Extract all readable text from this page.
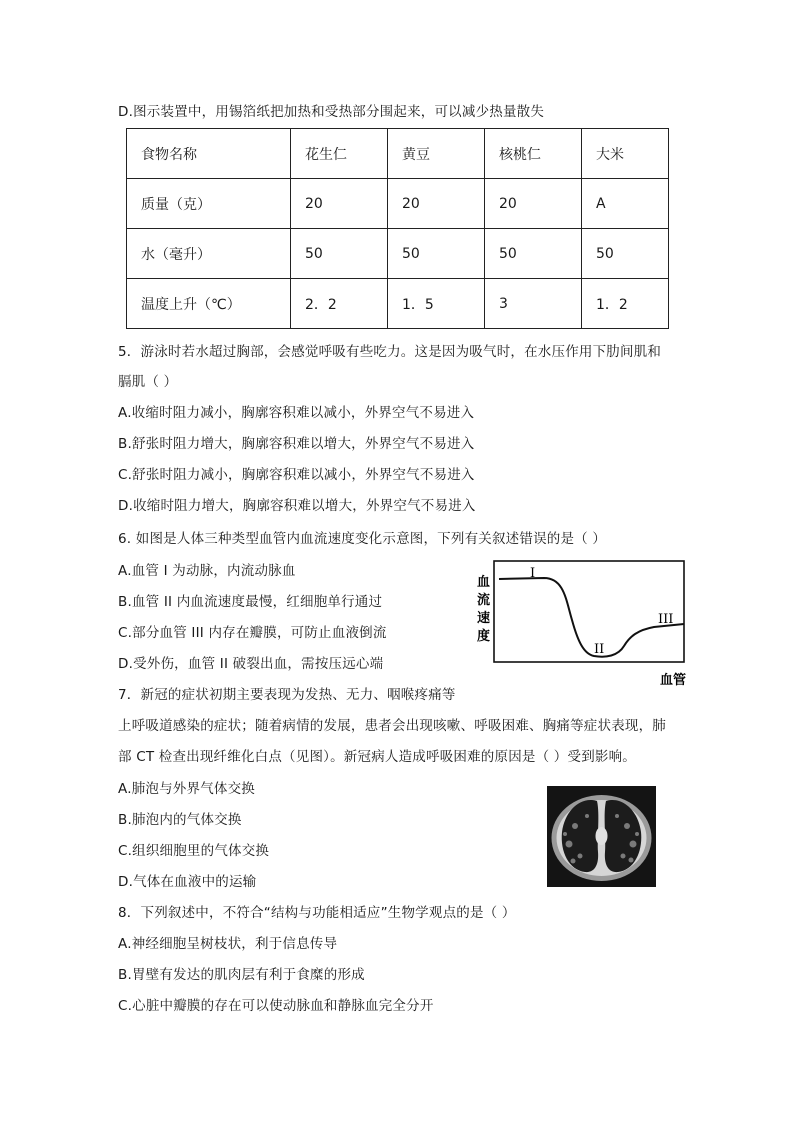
D.图示装置中，用锡箔纸把加热和受热部分围起来，可以减少热量散失
食物名称	花生仁	黄豆	核桃仁	大米
质量（克）	20	20	20	A
水（毫升）	50	50	50	50
温度上升（℃）	2．2	1．5	3	1．2
5．游泳时若水超过胸部，会感觉呼吸有些吃力。这是因为吸气时，在水压作用下肋间肌和
膈肌（ ）
A.收缩时阻力减小，胸廓容积难以减小，外界空气不易进入
B.舒张时阻力增大，胸廓容积难以增大，外界空气不易进入
C.舒张时阻力减小，胸廓容积难以减小，外界空气不易进入
D.收缩时阻力增大，胸廓容积难以增大，外界空气不易进入
6. 如图是人体三种类型血管内血流速度变化示意图，下列有关叙述错误的是（ ）
A.血管 I 为动脉，内流动脉血
B.血管 II 内血流速度最慢，红细胞单行通过
C.部分血管 III 内存在瓣膜，可防止血液倒流
D.受外伤，血管 II 破裂出血，需按压远心端
血
流
速
度
I
II
III
血管
7．新冠的症状初期主要表现为发热、无力、咽喉疼痛等
上呼吸道感染的症状；随着病情的发展，患者会出现咳嗽、呼吸困难、胸痛等症状表现，肺
部 CT 检查出现纤维化白点（见图）。新冠病人造成呼吸困难的原因是（ ）受到影响。
A.肺泡与外界气体交换
B.肺泡内的气体交换
C.组织细胞里的气体交换
D.气体在血液中的运输
8．下列叙述中，不符合“结构与功能相适应”生物学观点的是（ ）
A.神经细胞呈树枝状，利于信息传导
B.胃壁有发达的肌肉层有利于食糜的形成
C.心脏中瓣膜的存在可以使动脉血和静脉血完全分开
